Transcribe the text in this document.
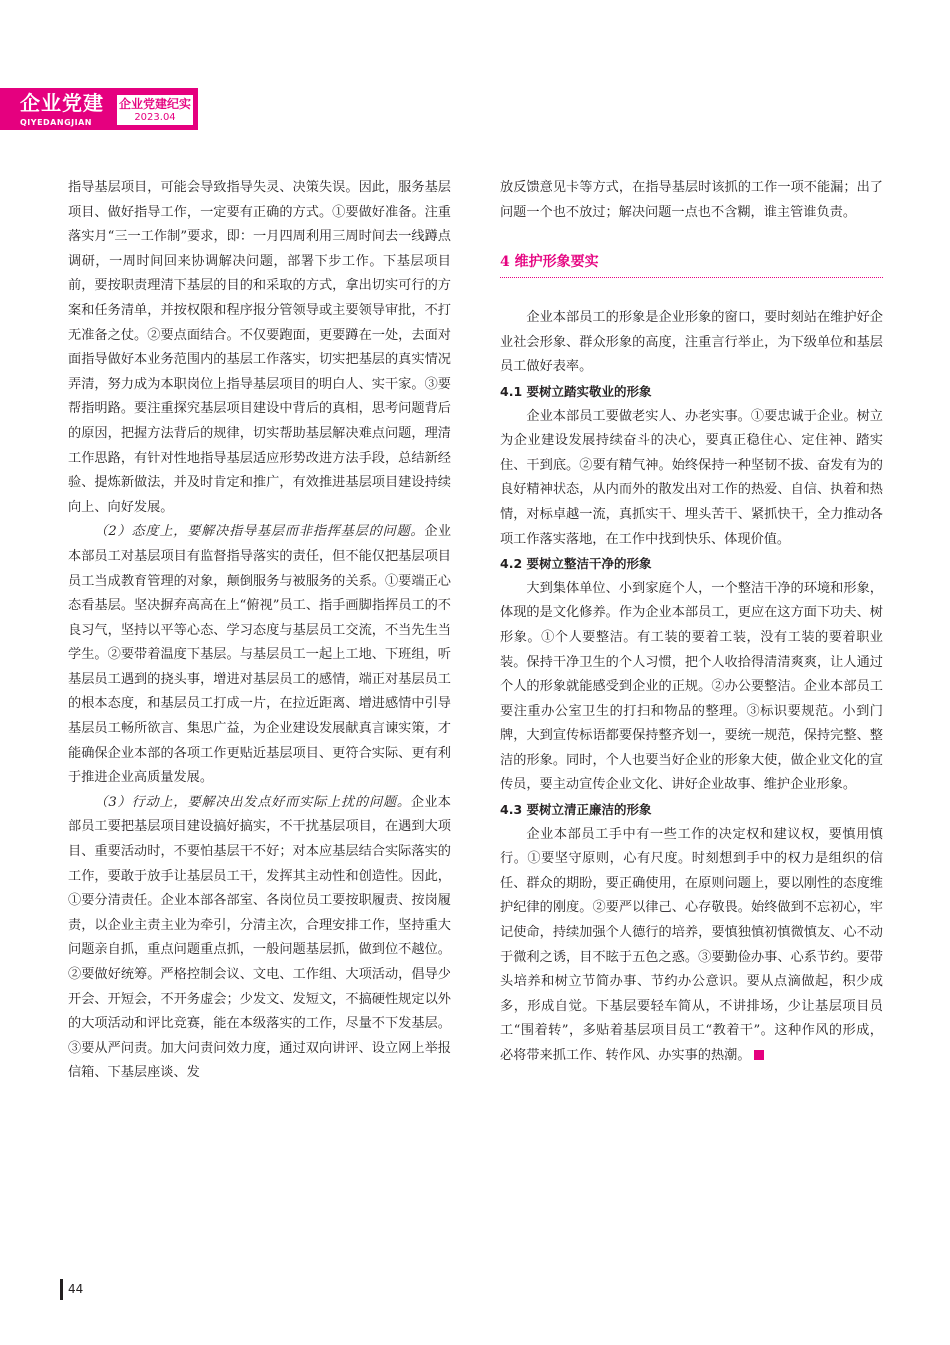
企业党建
QIYEDANGJIAN
企业党建纪实
2023.04

指导基层项目，可能会导致指导失灵、决策失误。因此，服务基层项目、做好指导工作，一定要有正确的方式。①要做好准备。注重落实月“三一工作制”要求，即：一月四周利用三周时间去一线蹲点调研，一周时间回来协调解决问题，部署下步工作。下基层项目前，要按职责理清下基层的目的和采取的方式，拿出切实可行的方案和任务清单，并按权限和程序报分管领导或主要领导审批，不打无准备之仗。②要点面结合。不仅要跑面，更要蹲在一处，去面对面指导做好本业务范围内的基层工作落实，切实把基层的真实情况弄清，努力成为本职岗位上指导基层项目的明白人、实干家。③要帮指明路。要注重探究基层项目建设中背后的真相，思考问题背后的原因，把握方法背后的规律，切实帮助基层解决难点问题，理清工作思路，有针对性地指导基层适应形势改进方法手段，总结新经验、提炼新做法，并及时肯定和推广，有效推进基层项目建设持续向上、向好发展。

（2）态度上，要解决指导基层而非指挥基层的问题。企业本部员工对基层项目有监督指导落实的责任，但不能仅把基层项目员工当成教育管理的对象，颠倒服务与被服务的关系。①要端正心态看基层。坚决摒弃高高在上“俯视”员工、指手画脚指挥员工的不良习气，坚持以平等心态、学习态度与基层员工交流，不当先生当学生。②要带着温度下基层。与基层员工一起上工地、下班组，听基层员工遇到的挠头事，增进对基层员工的感情，端正对基层员工的根本态度，和基层员工打成一片，在拉近距离、增进感情中引导基层员工畅所欲言、集思广益，为企业建设发展献真言谏实策，才能确保企业本部的各项工作更贴近基层项目、更符合实际、更有利于推进企业高质量发展。

（3）行动上，要解决出发点好而实际上扰的问题。企业本部员工要把基层项目建设搞好搞实，不干扰基层项目，在遇到大项目、重要活动时，不要怕基层干不好；对本应基层结合实际落实的工作，要敢于放手让基层员工干，发挥其主动性和创造性。因此，①要分清责任。企业本部各部室、各岗位员工要按职履责、按岗履责，以企业主责主业为牵引，分清主次，合理安排工作，坚持重大问题亲自抓，重点问题重点抓，一般问题基层抓，做到位不越位。②要做好统筹。严格控制会议、文电、工作组、大项活动，倡导少开会、开短会，不开务虚会；少发文、发短文，不搞硬性规定以外的大项活动和评比竞赛，能在本级落实的工作，尽量不下发基层。③要从严问责。加大问责问效力度，通过双向讲评、设立网上举报信箱、下基层座谈、发

放反馈意见卡等方式，在指导基层时该抓的工作一项不能漏；出了问题一个也不放过；解决问题一点也不含糊，谁主管谁负责。

4 维护形象要实

企业本部员工的形象是企业形象的窗口，要时刻站在维护好企业社会形象、群众形象的高度，注重言行举止，为下级单位和基层员工做好表率。

4.1 要树立踏实敬业的形象

企业本部员工要做老实人、办老实事。①要忠诚于企业。树立为企业建设发展持续奋斗的决心，要真正稳住心、定住神、踏实住、干到底。②要有精气神。始终保持一种坚韧不拔、奋发有为的良好精神状态，从内而外的散发出对工作的热爱、自信、执着和热情，对标卓越一流，真抓实干、埋头苦干、紧抓快干，全力推动各项工作落实落地，在工作中找到快乐、体现价值。

4.2 要树立整洁干净的形象

大到集体单位、小到家庭个人，一个整洁干净的环境和形象，体现的是文化修养。作为企业本部员工，更应在这方面下功夫、树形象。①个人要整洁。有工装的要着工装，没有工装的要着职业装。保持干净卫生的个人习惯，把个人收拾得清清爽爽，让人通过个人的形象就能感受到企业的正规。②办公要整洁。企业本部员工要注重办公室卫生的打扫和物品的整理。③标识要规范。小到门牌，大到宣传标语都要保持整齐划一，要统一规范，保持完整、整洁的形象。同时，个人也要当好企业的形象大使，做企业文化的宣传员，要主动宣传企业文化、讲好企业故事、维护企业形象。

4.3 要树立清正廉洁的形象

企业本部员工手中有一些工作的决定权和建议权，要慎用慎行。①要坚守原则，心有尺度。时刻想到手中的权力是组织的信任、群众的期盼，要正确使用，在原则问题上，要以刚性的态度维护纪律的刚度。②要严以律己、心存敬畏。始终做到不忘初心，牢记使命，持续加强个人德行的培养，要慎独慎初慎微慎友、心不动于微利之诱，目不眩于五色之惑。③要勤俭办事、心系节约。要带头培养和树立节简办事、节约办公意识。要从点滴做起，积少成多，形成自觉。下基层要轻车简从，不讲排场，少让基层项目员工“围着转”，多贴着基层项目员工“教着干”。这种作风的形成，必将带来抓工作、转作风、办实事的热潮。

44
